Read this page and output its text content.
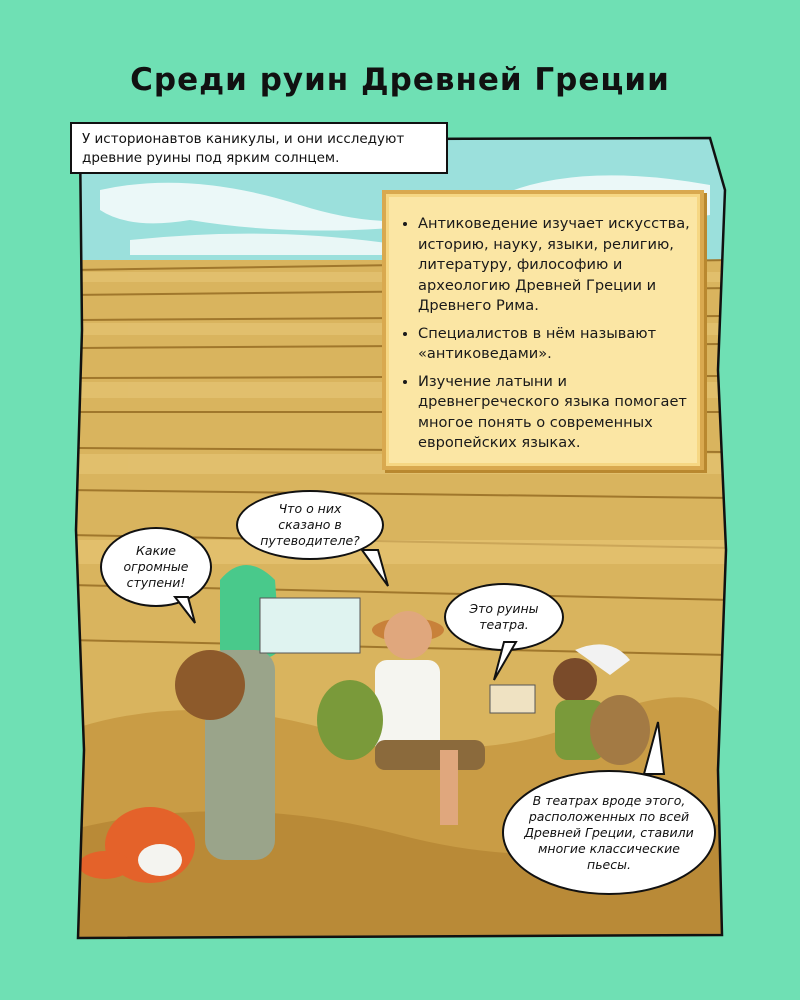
Среди руин Древней Греции
У историонавтов каникулы, и они исследуют древние руины под ярким солнцем.
• Антиковедение изучает искусства, историю, науку, языки, религию, литературу, философию и археологию Древней Греции и Древнего Рима.
• Специалистов в нём называют «антиковедами».
• Изучение латыни и древнегреческого языка помогает многое понять о современных европейских языках.
Какие огромные ступени!
Что о них сказано в путеводителе?
Это руины театра.
В театрах вроде этого, расположенных по всей Древней Греции, ставили многие классические пьесы.
